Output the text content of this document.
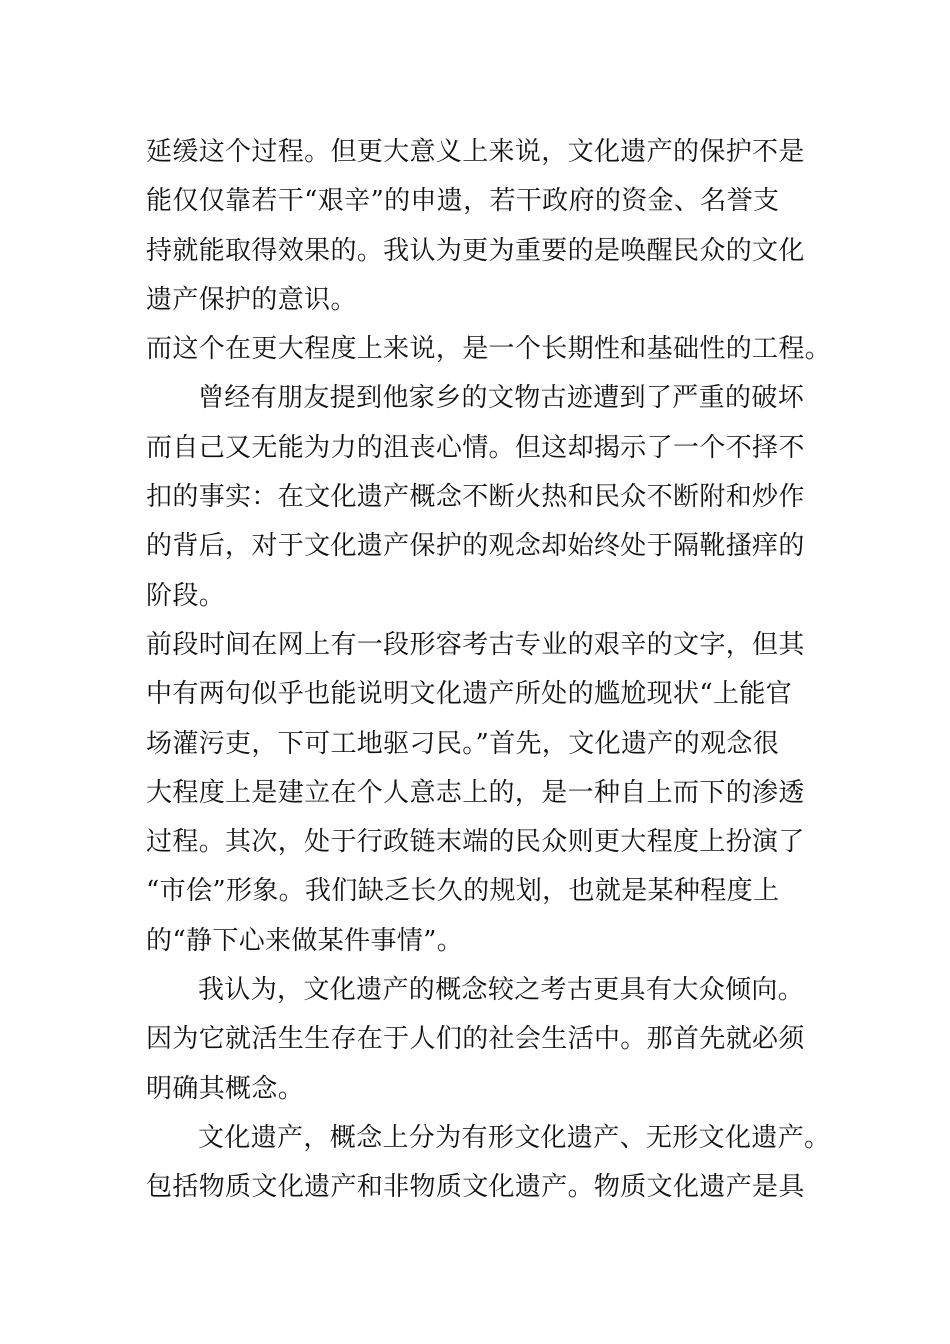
延缓这个过程。但更大意义上来说，文化遗产的保护不是
能仅仅靠若干“艰辛”的申遗，若干政府的资金、名誉支
持就能取得效果的。我认为更为重要的是唤醒民众的文化
遗产保护的意识。
而这个在更大程度上来说，是一个长期性和基础性的工程。
曾经有朋友提到他家乡的文物古迹遭到了严重的破坏
而自己又无能为力的沮丧心情。但这却揭示了一个不择不
扣的事实：在文化遗产概念不断火热和民众不断附和炒作
的背后，对于文化遗产保护的观念却始终处于隔靴搔痒的
阶段。
前段时间在网上有一段形容考古专业的艰辛的文字，但其
中有两句似乎也能说明文化遗产所处的尴尬现状“上能官
场灌污吏，下可工地驱刁民。”首先，文化遗产的观念很
大程度上是建立在个人意志上的，是一种自上而下的渗透
过程。其次，处于行政链末端的民众则更大程度上扮演了
“市侩”形象。我们缺乏长久的规划，也就是某种程度上
的“静下心来做某件事情”。
我认为，文化遗产的概念较之考古更具有大众倾向。
因为它就活生生存在于人们的社会生活中。那首先就必须
明确其概念。
文化遗产，概念上分为有形文化遗产、无形文化遗产。
包括物质文化遗产和非物质文化遗产。物质文化遗产是具
